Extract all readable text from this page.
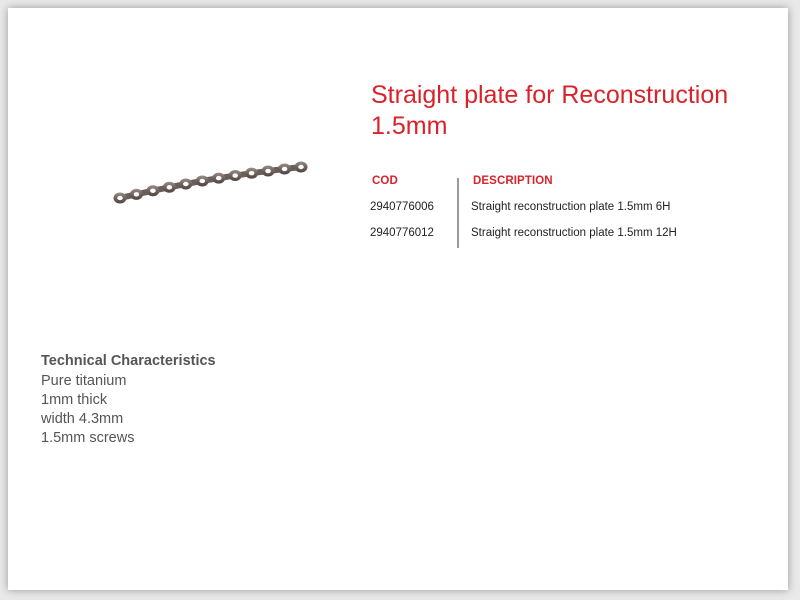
Straight plate for Reconstruction 1.5mm
COD	DESCRIPTION
2940776006	Straight reconstruction plate 1.5mm 6H
2940776012	Straight reconstruction plate 1.5mm 12H
Technical Characteristics
Pure titanium
1mm thick
width 4.3mm
1.5mm screws
